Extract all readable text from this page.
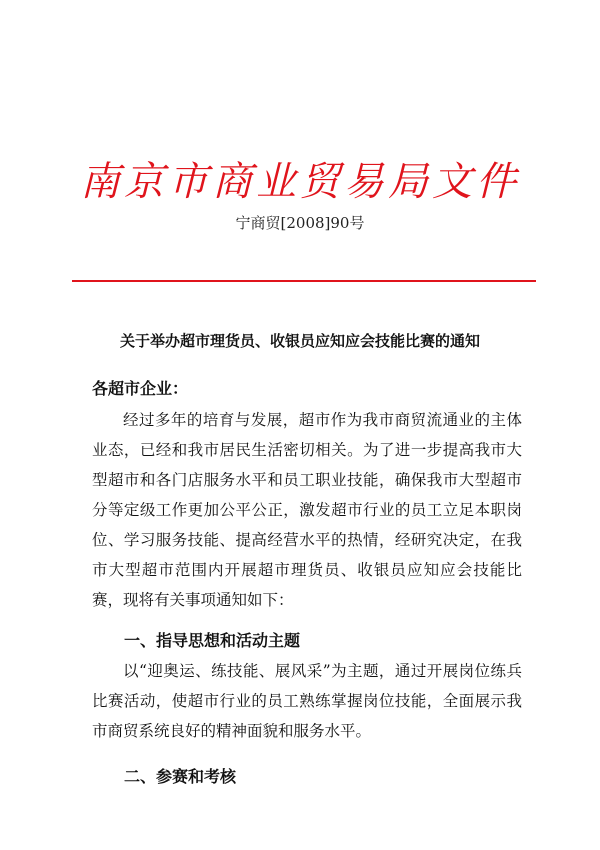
南京市商业贸易局文件
宁商贸[2008]90号
关于举办超市理货员、收银员应知应会技能比赛的通知
各超市企业：
经过多年的培育与发展，超市作为我市商贸流通业的主体业态，已经和我市居民生活密切相关。为了进一步提高我市大型超市和各门店服务水平和员工职业技能，确保我市大型超市分等定级工作更加公平公正，激发超市行业的员工立足本职岗位、学习服务技能、提高经营水平的热情，经研究决定，在我市大型超市范围内开展超市理货员、收银员应知应会技能比赛，现将有关事项通知如下：
一、指导思想和活动主题
以“迎奥运、练技能、展风采”为主题，通过开展岗位练兵比赛活动，使超市行业的员工熟练掌握岗位技能，全面展示我市商贸系统良好的精神面貌和服务水平。
二、参赛和考核
